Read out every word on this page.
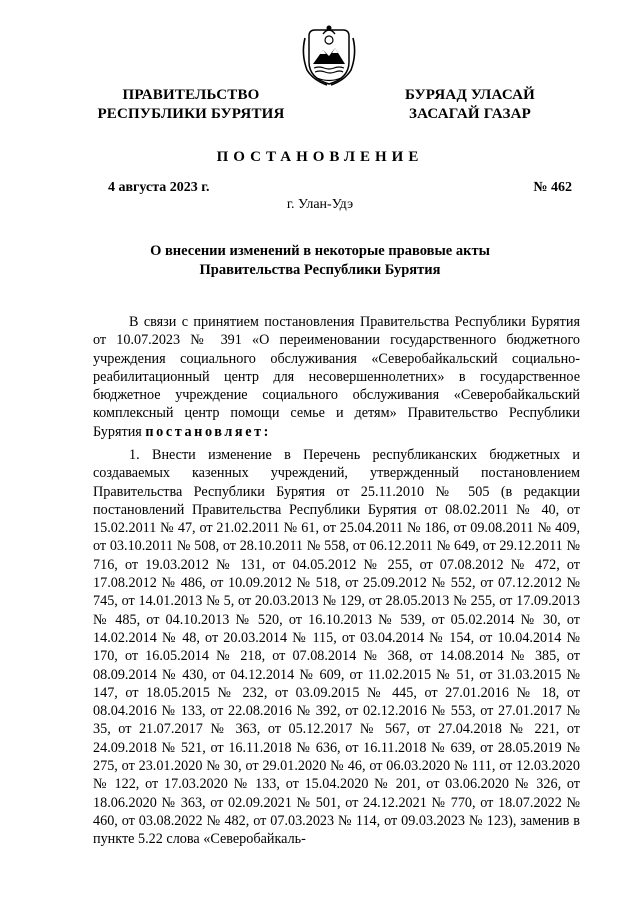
ПРАВИТЕЛЬСТВО
РЕСПУБЛИКИ БУРЯТИЯ
БУРЯАД УЛАСАЙ
ЗАСАГАЙ ГАЗАР
ПОСТАНОВЛЕНИЕ
4 августа 2023 г.	№ 462
г. Улан-Удэ
О внесении изменений в некоторые правовые акты
Правительства Республики Бурятия

В связи с принятием постановления Правительства Республики Бурятия от 10.07.2023 № 391 «О переименовании государственного бюджетного учреждения социального обслуживания «Северобайкальский социально-реабилитационный центр для несовершеннолетних» в государственное бюджетное учреждение социального обслуживания «Северобайкальский комплексный центр помощи семье и детям» Правительство Республики Бурятия постановляет:

1. Внести изменение в Перечень республиканских бюджетных и создаваемых казенных учреждений, утвержденный постановлением Правительства Республики Бурятия от 25.11.2010 № 505 (в редакции постановлений Правительства Республики Бурятия от 08.02.2011 № 40, от 15.02.2011 № 47, от 21.02.2011 № 61, от 25.04.2011 № 186, от 09.08.2011 № 409, от 03.10.2011 № 508, от 28.10.2011 № 558, от 06.12.2011 № 649, от 29.12.2011 № 716, от 19.03.2012 № 131, от 04.05.2012 № 255, от 07.08.2012 № 472, от 17.08.2012 № 486, от 10.09.2012 № 518, от 25.09.2012 № 552, от 07.12.2012 № 745, от 14.01.2013 № 5, от 20.03.2013 № 129, от 28.05.2013 № 255, от 17.09.2013 № 485, от 04.10.2013 № 520, от 16.10.2013 № 539, от 05.02.2014 № 30, от 14.02.2014 № 48, от 20.03.2014 № 115, от 03.04.2014 № 154, от 10.04.2014 № 170, от 16.05.2014 № 218, от 07.08.2014 № 368, от 14.08.2014 № 385, от 08.09.2014 № 430, от 04.12.2014 № 609, от 11.02.2015 № 51, от 31.03.2015 № 147, от 18.05.2015 № 232, от 03.09.2015 № 445, от 27.01.2016 № 18, от 08.04.2016 № 133, от 22.08.2016 № 392, от 02.12.2016 № 553, от 27.01.2017 № 35, от 21.07.2017 № 363, от 05.12.2017 № 567, от 27.04.2018 № 221, от 24.09.2018 № 521, от 16.11.2018 № 636, от 16.11.2018 № 639, от 28.05.2019 № 275, от 23.01.2020 № 30, от 29.01.2020 № 46, от 06.03.2020 № 111, от 12.03.2020 № 122, от 17.03.2020 № 133, от 15.04.2020 № 201, от 03.06.2020 № 326, от 18.06.2020 № 363, от 02.09.2021 № 501, от 24.12.2021 № 770, от 18.07.2022 № 460, от 03.08.2022 № 482, от 07.03.2023 № 114, от 09.03.2023 № 123), заменив в пункте 5.22 слова «Северобайкаль-
